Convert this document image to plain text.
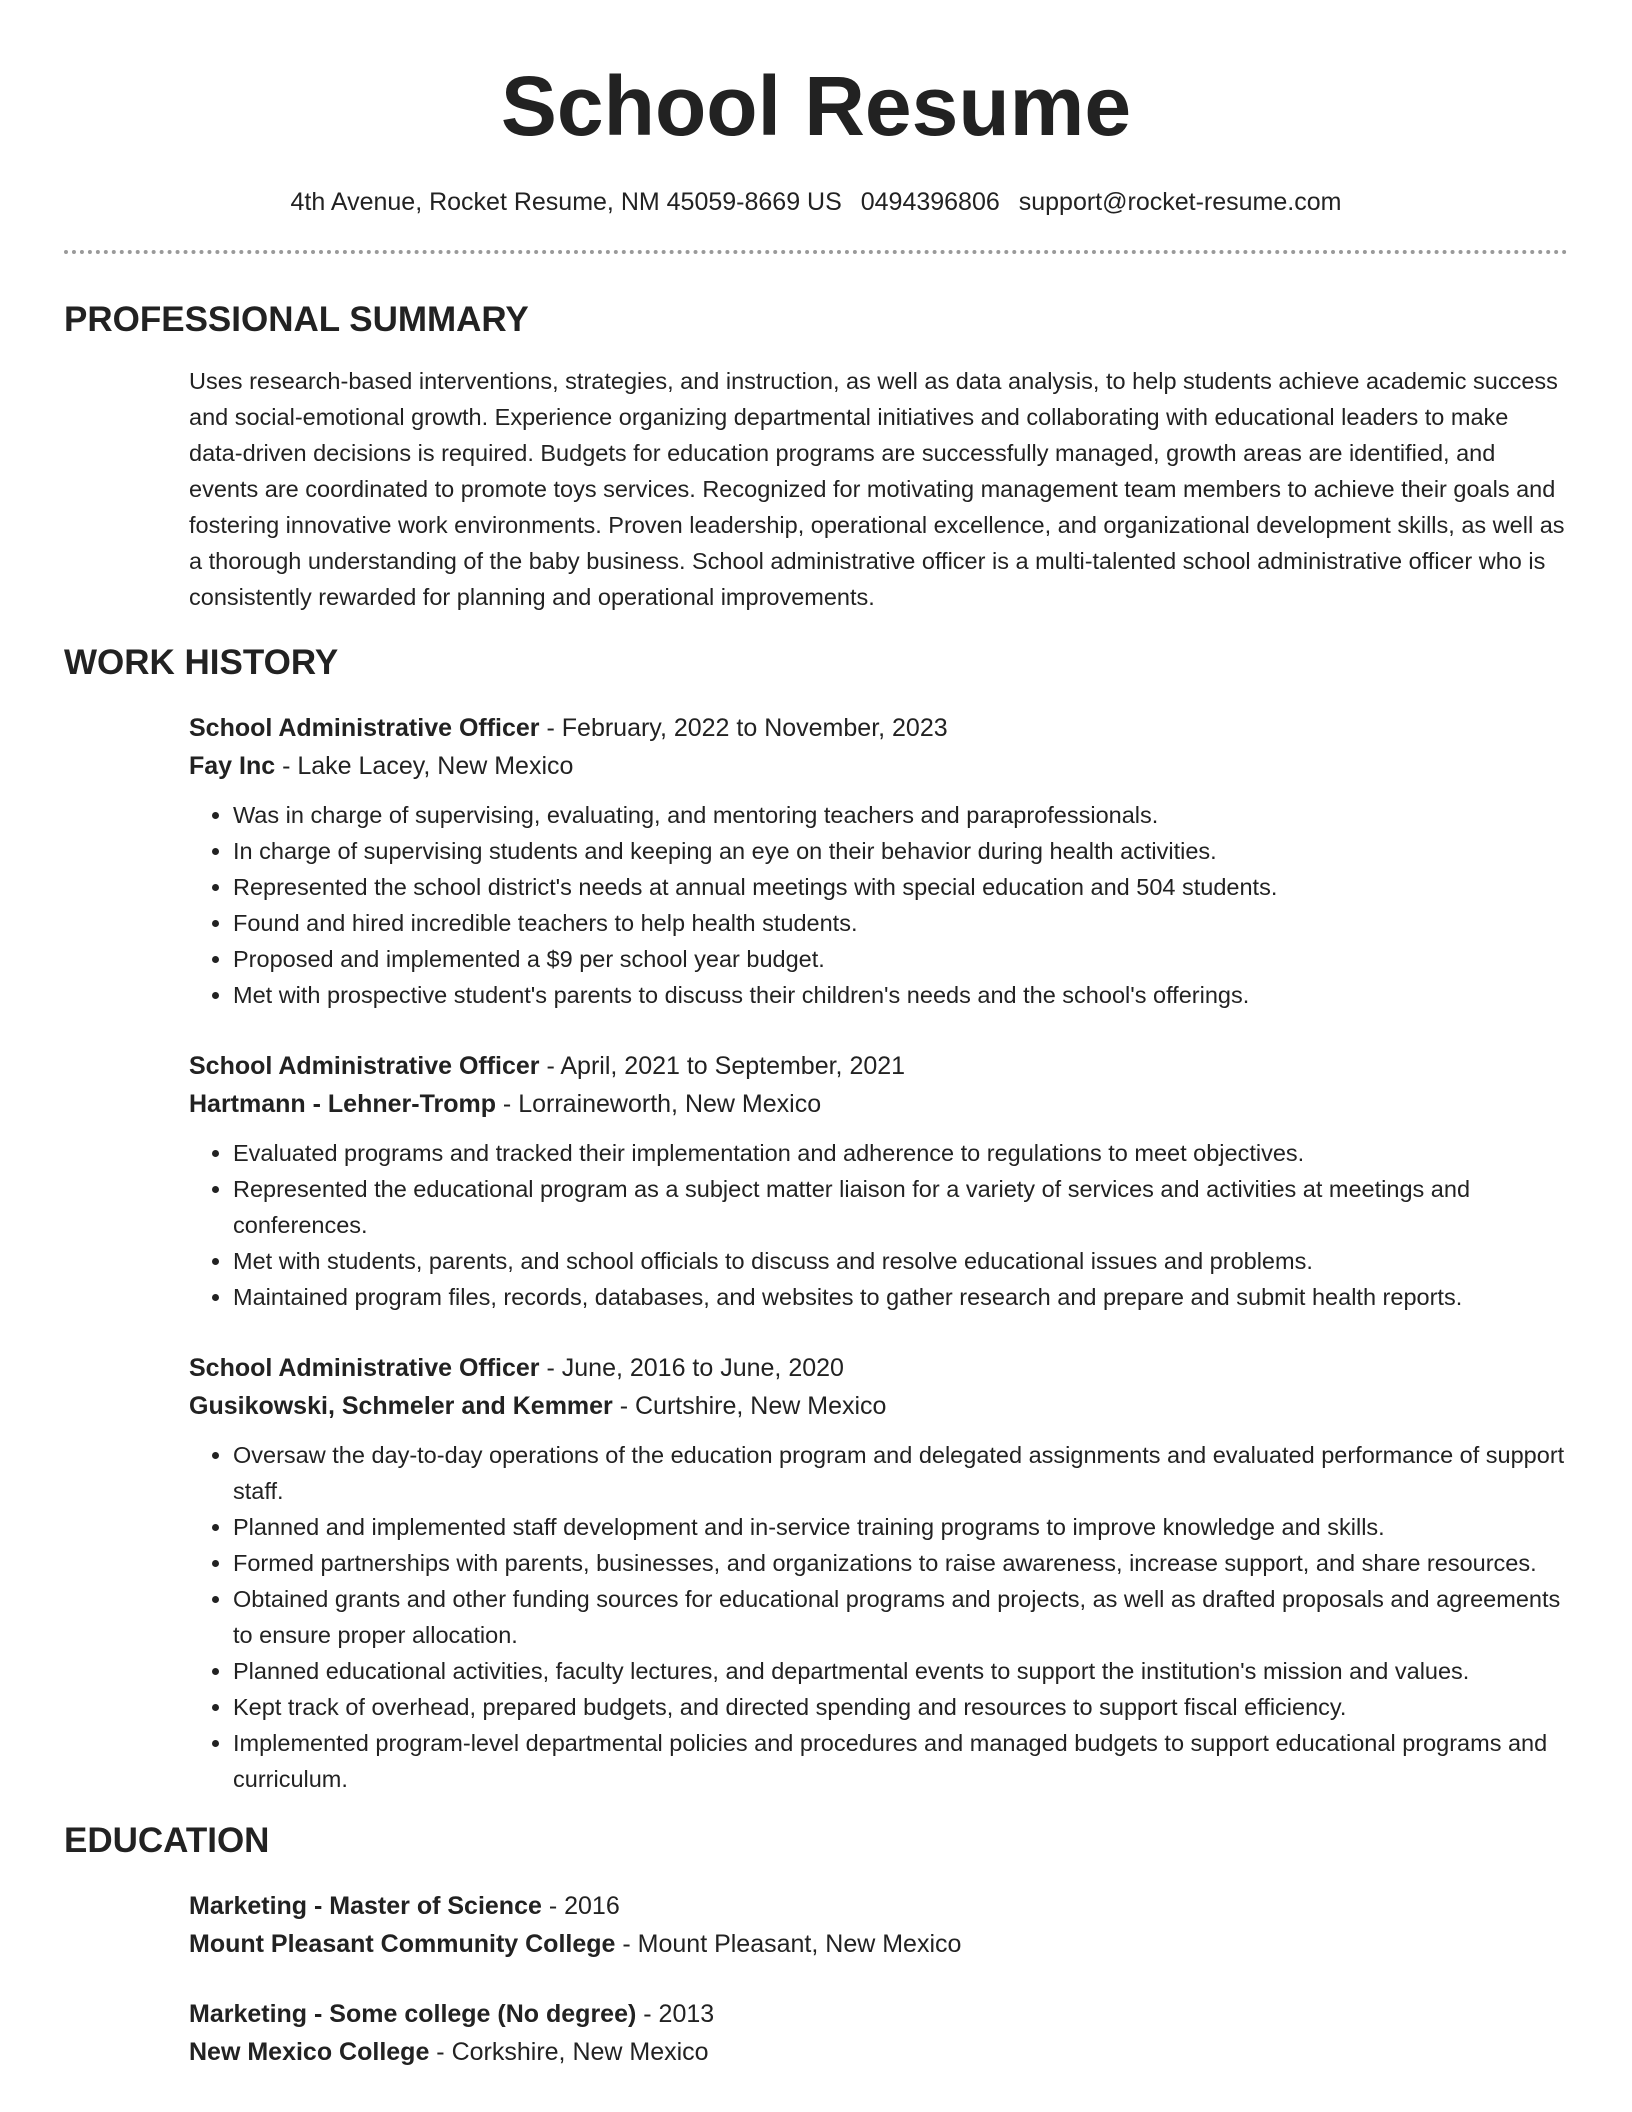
School Resume
4th Avenue, Rocket Resume, NM 45059-8669 US 0494396806 support@rocket-resume.com
PROFESSIONAL SUMMARY

Uses research-based interventions, strategies, and instruction, as well as data analysis, to help students achieve academic success and social-emotional growth. Experience organizing departmental initiatives and collaborating with educational leaders to make data-driven decisions is required. Budgets for education programs are successfully managed, growth areas are identified, and events are coordinated to promote toys services. Recognized for motivating management team members to achieve their goals and fostering innovative work environments. Proven leadership, operational excellence, and organizational development skills, as well as a thorough understanding of the baby business. School administrative officer is a multi-talented school administrative officer who is consistently rewarded for planning and operational improvements.

WORK HISTORY
School Administrative Officer - February, 2022 to November, 2023
Fay Inc - Lake Lacey, New Mexico
• Was in charge of supervising, evaluating, and mentoring teachers and paraprofessionals.
• In charge of supervising students and keeping an eye on their behavior during health activities.
• Represented the school district's needs at annual meetings with special education and 504 students.
• Found and hired incredible teachers to help health students.
• Proposed and implemented a $9 per school year budget.
• Met with prospective student's parents to discuss their children's needs and the school's offerings.
School Administrative Officer - April, 2021 to September, 2021
Hartmann - Lehner-Tromp - Lorraineworth, New Mexico
• Evaluated programs and tracked their implementation and adherence to regulations to meet objectives.
• Represented the educational program as a subject matter liaison for a variety of services and activities at meetings and conferences.
• Met with students, parents, and school officials to discuss and resolve educational issues and problems.
• Maintained program files, records, databases, and websites to gather research and prepare and submit health reports.
School Administrative Officer - June, 2016 to June, 2020
Gusikowski, Schmeler and Kemmer - Curtshire, New Mexico
• Oversaw the day-to-day operations of the education program and delegated assignments and evaluated performance of support staff.
• Planned and implemented staff development and in-service training programs to improve knowledge and skills.
• Formed partnerships with parents, businesses, and organizations to raise awareness, increase support, and share resources.
• Obtained grants and other funding sources for educational programs and projects, as well as drafted proposals and agreements to ensure proper allocation.
• Planned educational activities, faculty lectures, and departmental events to support the institution's mission and values.
• Kept track of overhead, prepared budgets, and directed spending and resources to support fiscal efficiency.
• Implemented program-level departmental policies and procedures and managed budgets to support educational programs and curriculum.
EDUCATION
Marketing - Master of Science - 2016
Mount Pleasant Community College - Mount Pleasant, New Mexico
Marketing - Some college (No degree) - 2013
New Mexico College - Corkshire, New Mexico
